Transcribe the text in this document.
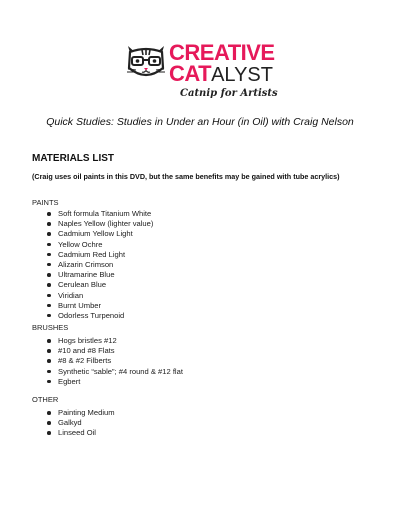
CREATIVE
CATALYST
Catnip for Artists
Quick Studies: Studies in Under an Hour (in Oil) with Craig Nelson
MATERIALS LIST
(Craig uses oil paints in this DVD, but the same benefits may be gained with tube acrylics)
PAINTS
Soft formula Titanium White
Naples Yellow (lighter value)
Cadmium Yellow Light
Yellow Ochre
Cadmium Red Light
Alizarin Crimson
Ultramarine Blue
Cerulean Blue
Viridian
Burnt Umber
Odorless Turpenoid
BRUSHES
Hogs bristles #12
#10 and #8 Flats
#8 & #2 Filberts
Synthetic “sable”; #4 round & #12 flat
Egbert
OTHER
Painting Medium
Galkyd
Linseed Oil
